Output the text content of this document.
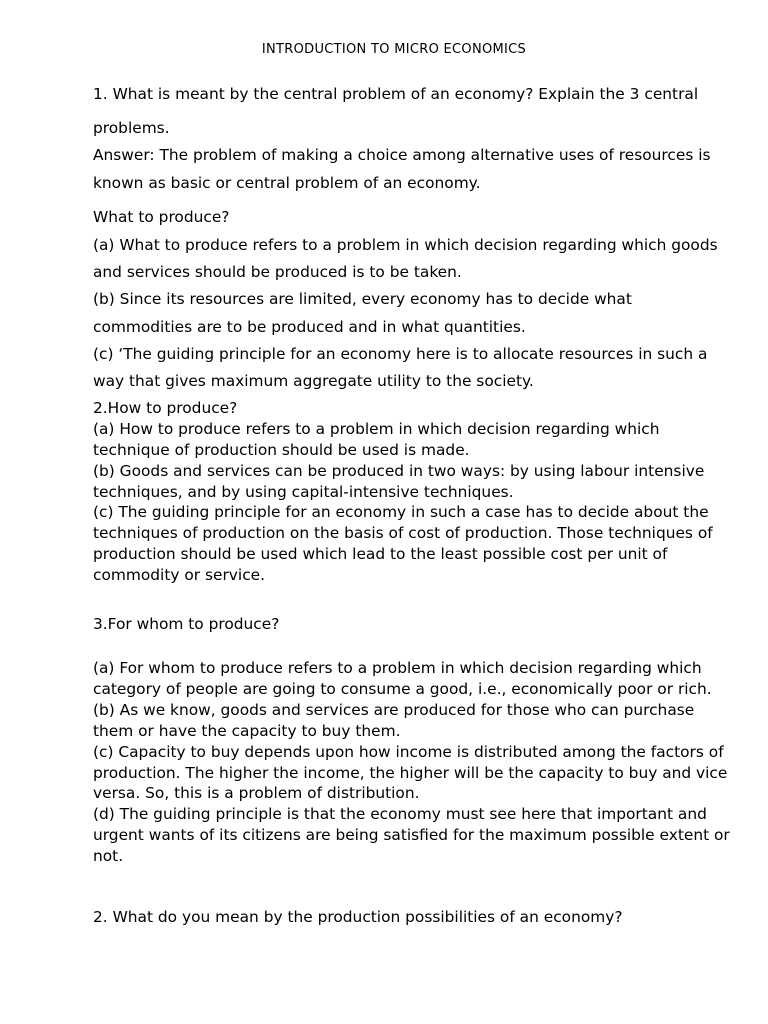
INTRODUCTION TO MICRO ECONOMICS
1. What is meant by the central problem of an economy? Explain the 3 central
problems.
Answer: The problem of making a choice among alternative uses of resources is
known as basic or central problem of an economy.
What to produce?
(a) What to produce refers to a problem in which decision regarding which goods
and services should be produced is to be taken.
(b) Since its resources are limited, every economy has to decide what
commodities are to be produced and in what quantities.
(c) ‘The guiding principle for an economy here is to allocate resources in such a
way that gives maximum aggregate utility to the society.
2.How to produce?
(a) How to produce refers to a problem in which decision regarding which
technique of production should be used is made.
(b) Goods and services can be produced in two ways: by using labour intensive
techniques, and by using capital-intensive techniques.
(c) The guiding principle for an economy in such a case has to decide about the
techniques of production on the basis of cost of production. Those techniques of
production should be used which lead to the least possible cost per unit of
commodity or service.
3.For whom to produce?
(a) For whom to produce refers to a problem in which decision regarding which
category of people are going to consume a good, i.e., economically poor or rich.
(b) As we know, goods and services are produced for those who can purchase
them or have the capacity to buy them.
(c) Capacity to buy depends upon how income is distributed among the factors of
production. The higher the income, the higher will be the capacity to buy and vice
versa. So, this is a problem of distribution.
(d) The guiding principle is that the economy must see here that important and
urgent wants of its citizens are being satisfied for the maximum possible extent or
not.
2. What do you mean by the production possibilities of an economy?
